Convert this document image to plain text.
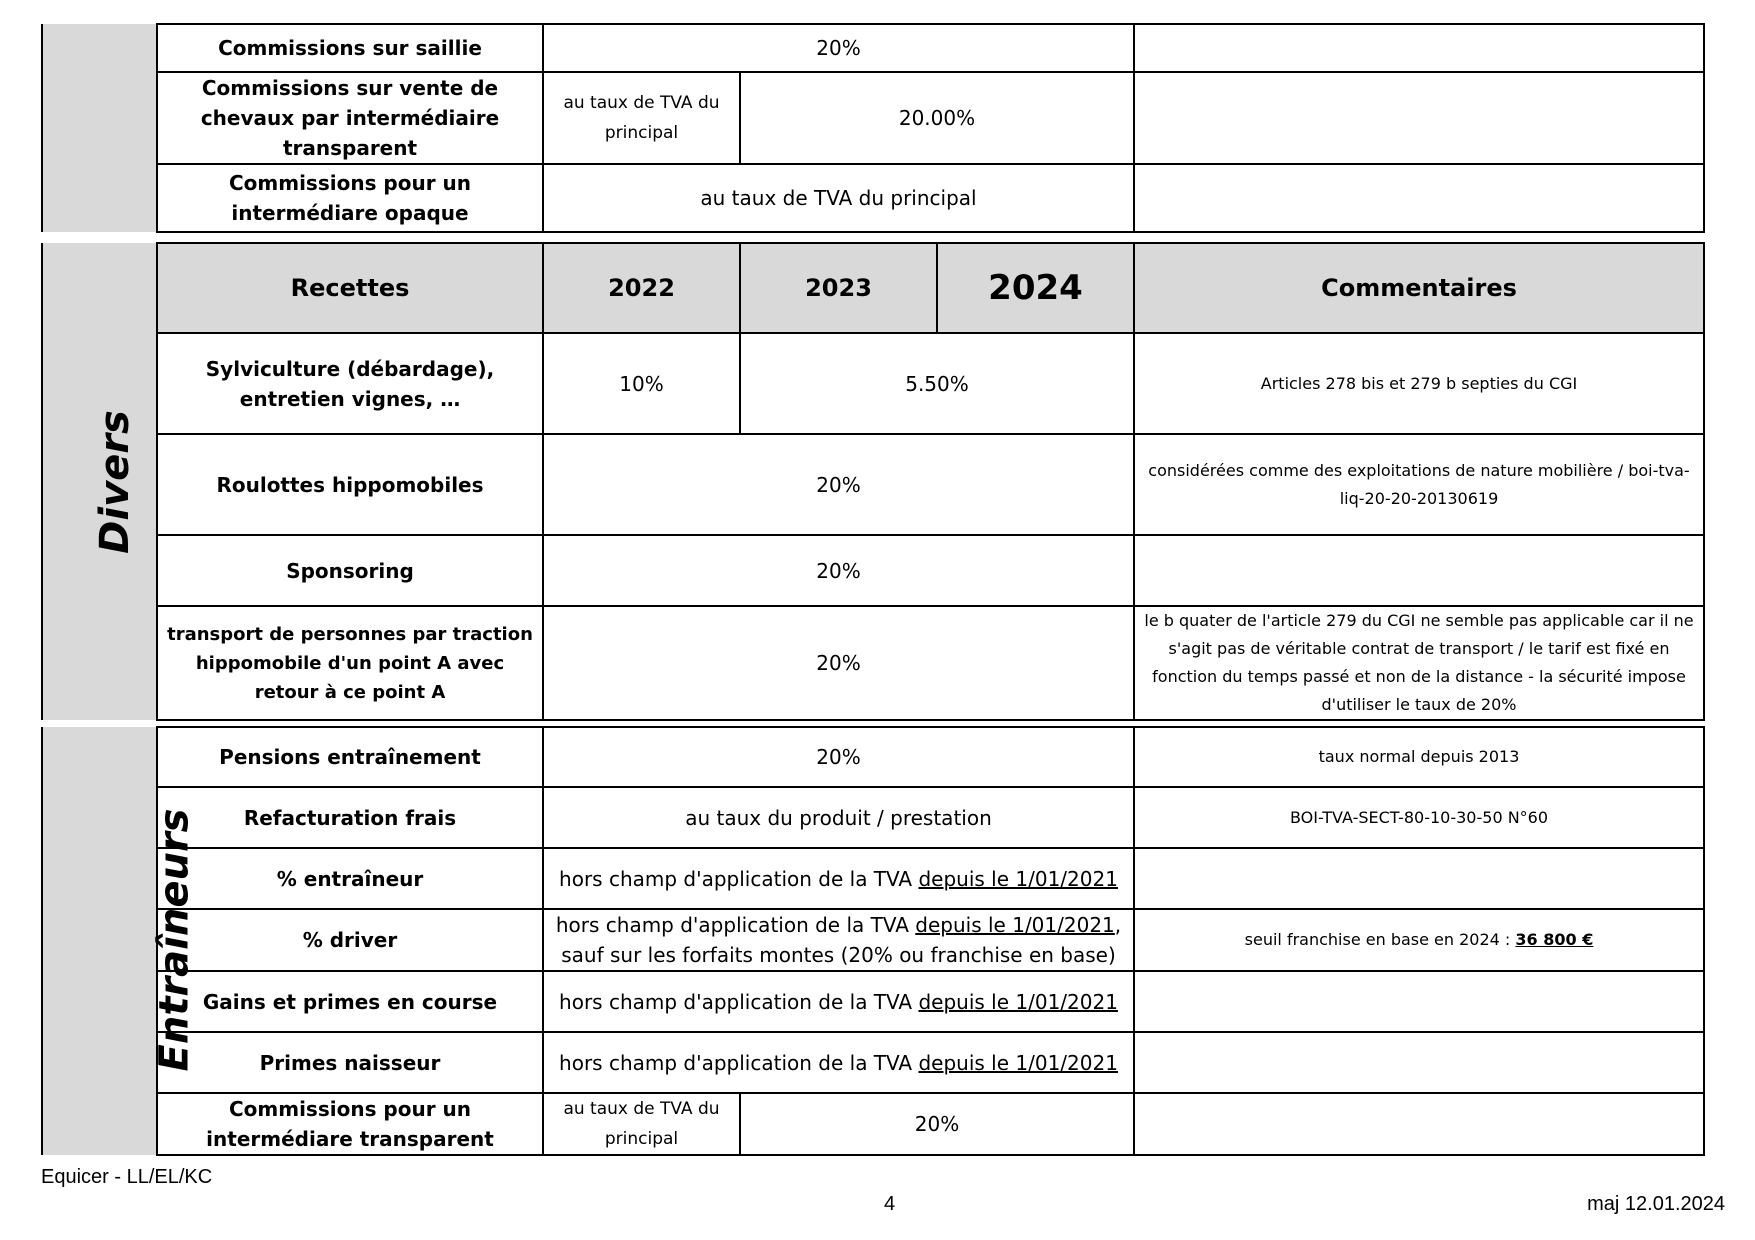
	Commissions sur saillie	20%		
	Commissions sur vente de chevaux par intermédiaire transparent	au taux de TVA du principal	20.00%	
	Commissions pour un intermédiare opaque	au taux de TVA du principal		
Divers	Recettes	2022	2023	2024	Commentaires
	Sylviculture (débardage), entretien vignes, …	10%	5.50%		Articles 278 bis et 279 b septies du CGI
	Roulottes hippomobiles	20%			considérées comme des exploitations de nature mobilière / boi-tva-liq-20-20-20130619
	Sponsoring	20%			
	transport de personnes par traction hippomobile d'un point A avec retour à ce point A	20%			le b quater de l'article 279 du CGI ne semble pas applicable car il ne s'agit pas de véritable contrat de transport / le tarif est fixé en fonction du temps passé et non de la distance - la sécurité impose d'utiliser le taux de 20%
Entraîneurs	Pensions entraînement	20%		taux normal depuis 2013
	Refacturation frais	au taux du produit / prestation		BOI-TVA-SECT-80-10-30-50 N°60
	% entraîneur	hors champ d'application de la TVA depuis le 1/01/2021		
	% driver	hors champ d'application de la TVA depuis le 1/01/2021, sauf sur les forfaits montes (20% ou franchise en base)		seuil franchise en base en 2024 : 36 800 €
	Gains et primes en course	hors champ d'application de la TVA depuis le 1/01/2021		
	Primes naisseur	hors champ d'application de la TVA depuis le 1/01/2021		
	Commissions pour un intermédiare transparent	au taux de TVA du principal	20%	
Equicer - LL/EL/KC
4	maj 12.01.2024
